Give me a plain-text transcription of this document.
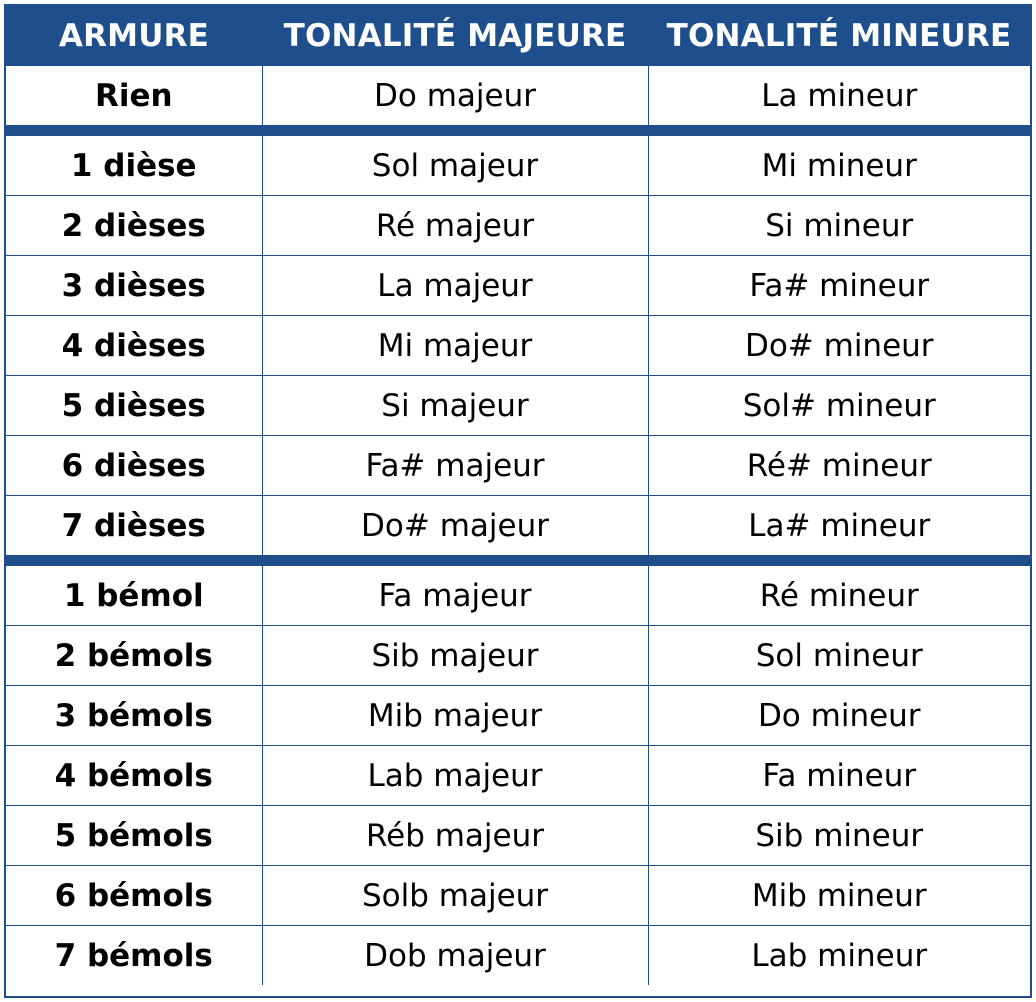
ARMURE	TONALITÉ MAJEURE	TONALITÉ MINEURE
Rien	Do majeur	La mineur

1 dièse	Sol majeur	Mi mineur
2 dièses	Ré majeur	Si mineur
3 dièses	La majeur	Fa# mineur
4 dièses	Mi majeur	Do# mineur
5 dièses	Si majeur	Sol# mineur
6 dièses	Fa# majeur	Ré# mineur
7 dièses	Do# majeur	La# mineur

1 bémol	Fa majeur	Ré mineur
2 bémols	Sib majeur	Sol mineur
3 bémols	Mib majeur	Do mineur
4 bémols	Lab majeur	Fa mineur
5 bémols	Réb majeur	Sib mineur
6 bémols	Solb majeur	Mib mineur
7 bémols	Dob majeur	Lab mineur
